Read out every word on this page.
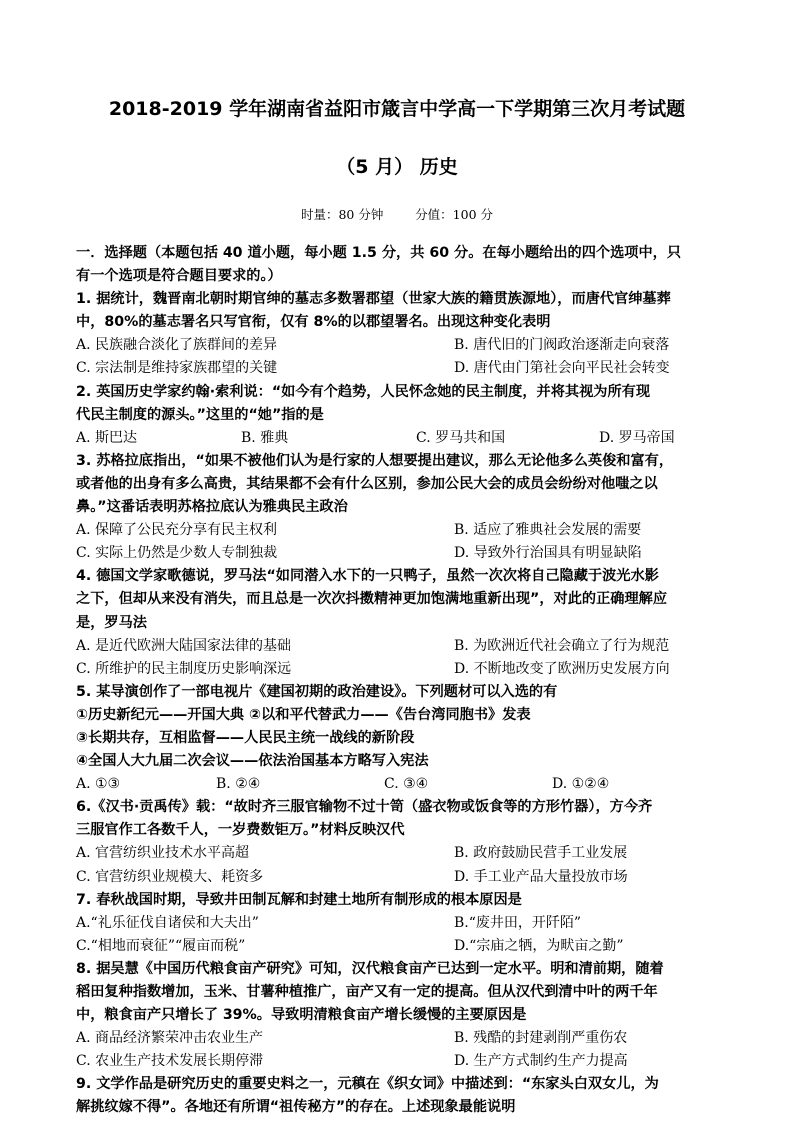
2018-2019 学年湖南省益阳市箴言中学高一下学期第三次月考试题
（5 月） 历史
时量：80 分钟	分值：100 分
一．选择题（本题包括 40 道小题，每小题 1.5 分，共 60 分。在每小题给出的四个选项中，只
有一个选项是符合题目要求的。）
1. 据统计，魏晋南北朝时期官绅的墓志多数署郡望（世家大族的籍贯族源地），而唐代官绅墓葬
中，80%的墓志署名只写官衔，仅有 8%的以郡望署名。出现这种变化表明
A. 民族融合淡化了族群间的差异	B. 唐代旧的门阀政治逐渐走向衰落
C. 宗法制是维持家族郡望的关键	D. 唐代由门第社会向平民社会转变
2. 英国历史学家约翰·索利说：“如今有个趋势，人民怀念她的民主制度，并将其视为所有现
代民主制度的源头。”这里的“她”指的是
A. 斯巴达	B. 雅典	C. 罗马共和国	D. 罗马帝国
3. 苏格拉底指出，“如果不被他们认为是行家的人想要提出建议，那么无论他多么英俊和富有，
或者他的出身有多么高贵，其结果都不会有什么区别，参加公民大会的成员会纷纷对他嗤之以
鼻。”这番话表明苏格拉底认为雅典民主政治
A. 保障了公民充分享有民主权利	B. 适应了雅典社会发展的需要
C. 实际上仍然是少数人专制独裁	D. 导致外行治国具有明显缺陷
4. 德国文学家歌德说，罗马法“如同潜入水下的一只鸭子，虽然一次次将自己隐藏于波光水影
之下，但却从来没有消失，而且总是一次次抖擞精神更加饱满地重新出现”，对此的正确理解应
是，罗马法
A. 是近代欧洲大陆国家法律的基础	B. 为欧洲近代社会确立了行为规范
C. 所维护的民主制度历史影响深远	D. 不断地改变了欧洲历史发展方向
5. 某导演创作了一部电视片《建国初期的政治建设》。下列题材可以入选的有
①历史新纪元——开国大典 ②以和平代替武力——《告台湾同胞书》发表
③长期共存，互相监督——人民民主统一战线的新阶段
④全国人大九届二次会议——依法治国基本方略写入宪法
A. ①③	B. ②④	C. ③④	D. ①②④
6.《汉书·贡禹传》载：“故时齐三服官输物不过十笥（盛衣物或饭食等的方形竹器），方今齐
三服官作工各数千人，一岁费数钜万。”材料反映汉代
A. 官营纺织业技术水平高超	B. 政府鼓励民营手工业发展
C. 官营纺织业规模大、耗资多	D. 手工业产品大量投放市场
7. 春秋战国时期，导致井田制瓦解和封建土地所有制形成的根本原因是
A.“礼乐征伐自诸侯和大夫出”	B.“废井田，开阡陌”
C.“相地而衰征”“履亩而税”	D.“宗庙之牺，为畎亩之勤”
8. 据吴慧《中国历代粮食亩产研究》可知，汉代粮食亩产已达到一定水平。明和清前期，随着
稻田复种指数增加，玉米、甘薯种植推广，亩产又有一定的提高。但从汉代到清中叶的两千年
中，粮食亩产只增长了 39%。导致明清粮食亩产增长缓慢的主要原因是
A. 商品经济繁荣冲击农业生产	B. 残酷的封建剥削严重伤农
C. 农业生产技术发展长期停滞	D. 生产方式制约生产力提高
9. 文学作品是研究历史的重要史料之一，元稹在《织女词》中描述到：“东家头白双女儿，为
解挑纹嫁不得”。各地还有所谓“祖传秘方”的存在。上述现象最能说明
